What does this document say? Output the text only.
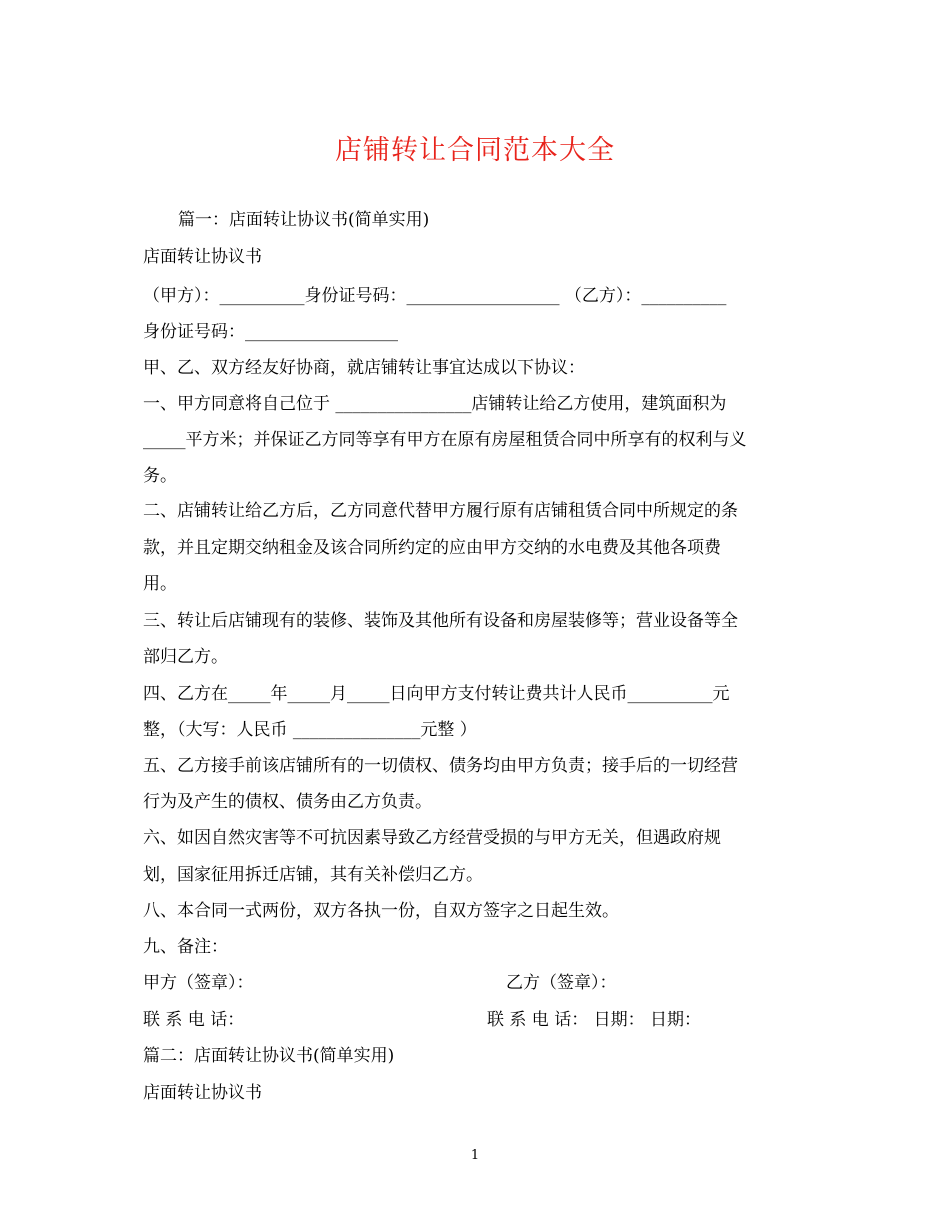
店铺转让合同范本大全
篇一：店面转让协议书(简单实用)
店面转让协议书
（甲方）：__________身份证号码：__________________ （乙方）：__________
身份证号码：__________________
甲、乙、双方经友好协商，就店铺转让事宜达成以下协议：
一、甲方同意将自己位于 ________________店铺转让给乙方使用，建筑面积为
_____平方米；并保证乙方同等享有甲方在原有房屋租赁合同中所享有的权利与义
务。
二、店铺转让给乙方后，乙方同意代替甲方履行原有店铺租赁合同中所规定的条
款，并且定期交纳租金及该合同所约定的应由甲方交纳的水电费及其他各项费
用。
三、转让后店铺现有的装修、装饰及其他所有设备和房屋装修等；营业设备等全
部归乙方。
四、乙方在_____年_____月_____日向甲方支付转让费共计人民币__________元
整，（大写：人民币 _______________元整 ）
五、乙方接手前该店铺所有的一切债权、债务均由甲方负责；接手后的一切经营
行为及产生的债权、债务由乙方负责。
六、如因自然灾害等不可抗因素导致乙方经营受损的与甲方无关，但遇政府规
划，国家征用拆迁店铺，其有关补偿归乙方。
八、本合同一式两份，双方各执一份，自双方签字之日起生效。
九、备注：
甲方（签章）：	乙方（签章）：
联 系 电 话：	联 系 电 话： 日期： 日期：
篇二：店面转让协议书(简单实用)
店面转让协议书
1
